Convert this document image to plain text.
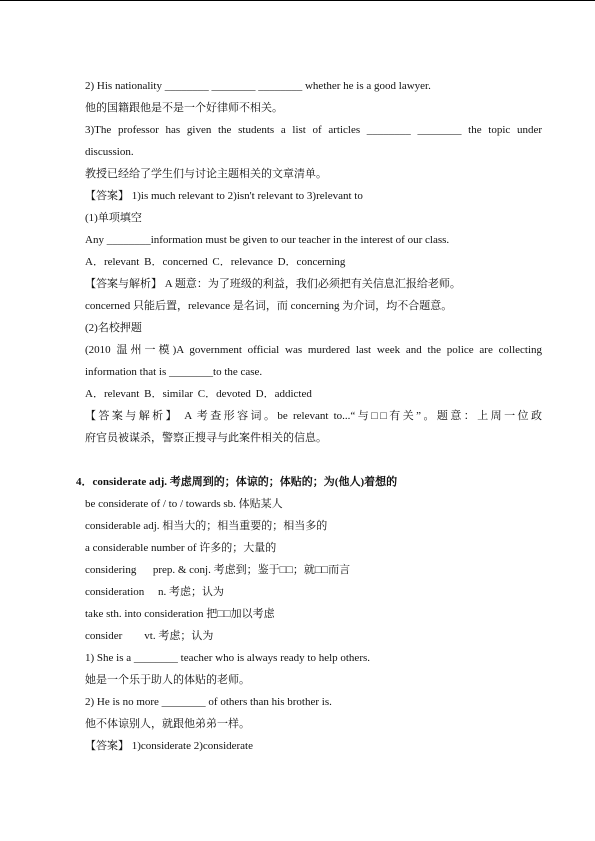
2) His nationality ________ ________ ________ whether he is a good lawyer.
他的国籍跟他是不是一个好律师不相关。
3)The professor has given the students a list of articles ________ ________ the topic under
discussion.
教授已经给了学生们与讨论主题相关的文章清单。
【答案】 1)is much relevant to 2)isn't relevant to 3)relevant to
(1)单项填空
Any ________information must be given to our teacher in the interest of our class.
A．relevant B．concerned C．relevance D．concerning
【答案与解析】 A 题意：为了班级的利益，我们必须把有关信息汇报给老师。
concerned 只能后置，relevance 是名词，而 concerning 为介词，均不合题意。
(2)名校押题
(2010 温州一模)A government official was murdered last week and the police are collecting
information that is ________to the case.
A．relevant B．similar C．devoted D．addicted
【答案与解析】 A 考查形容词。be relevant to...“与□□有关”。题意：上周一位政
府官员被谋杀，警察正搜寻与此案件相关的信息。
4．considerate adj. 考虑周到的；体谅的；体贴的；为(他人)着想的
be considerate of / to / towards sb. 体贴某人
considerable adj. 相当大的；相当重要的；相当多的
a considerable number of 许多的；大量的
considering      prep. & conj. 考虑到；鉴于□□；就□□而言
consideration     n. 考虑；认为
take sth. into consideration 把□□加以考虑
consider        vt. 考虑；认为
1) She is a ________ teacher who is always ready to help others.
她是一个乐于助人的体贴的老师。
2) He is no more ________ of others than his brother is.
他不体谅别人，就跟他弟弟一样。
【答案】 1)considerate 2)considerate
